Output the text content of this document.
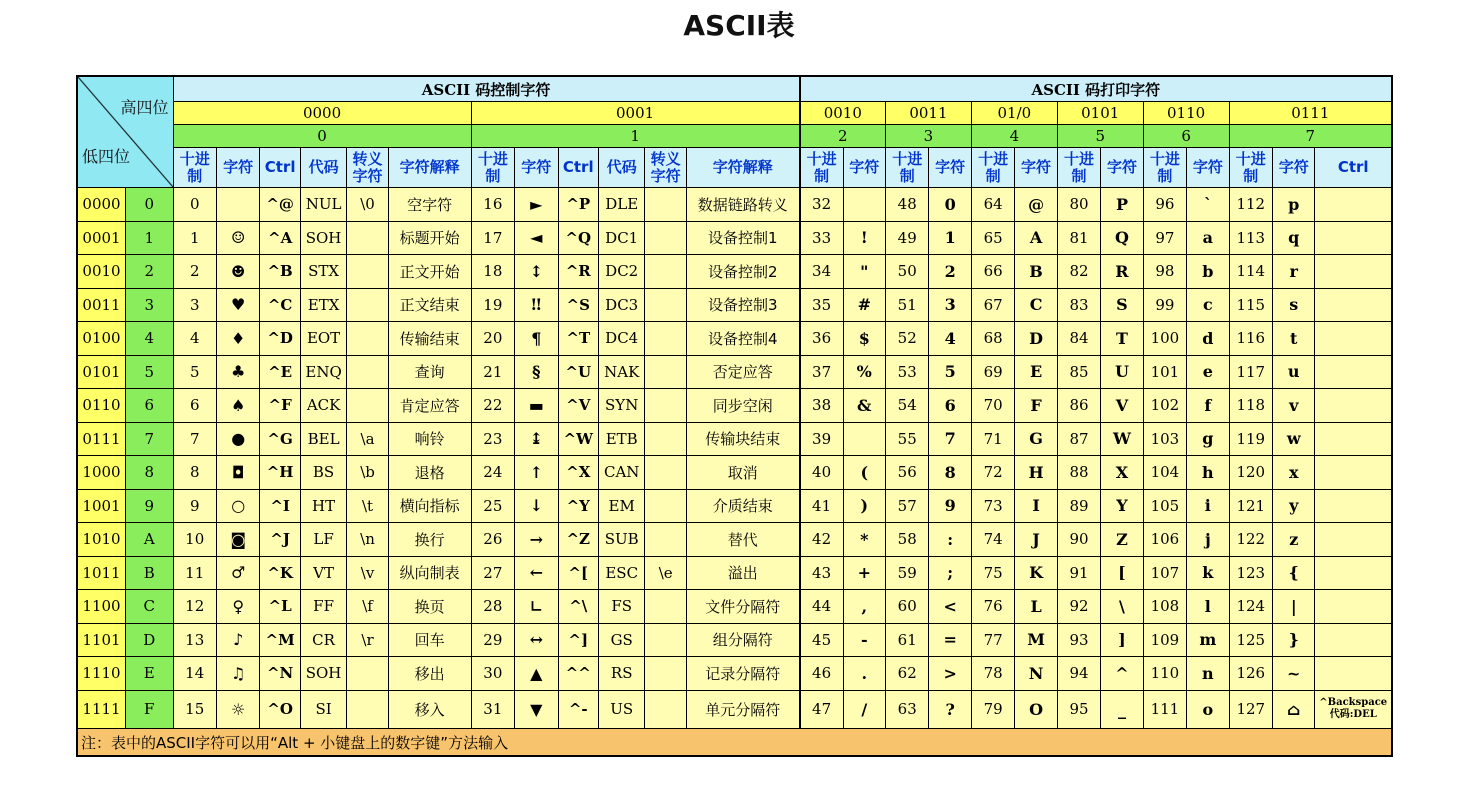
ASCII表
高四位
低四位		ASCII 码控制字符												ASCII 码打印字符												
		0000						0001						0010		0011		01/0		0101		0110		0111		
		0						1						2		3		4		5		6		7		
		十进制	字符	Ctrl	代码	转义字符	字符解释	十进制	字符	Ctrl	代码	转义字符	字符解释	十进制	字符	十进制	字符	十进制	字符	十进制	字符	十进制	字符	十进制	字符	Ctrl
0000	0	0		^@	NUL	\0	空字符	16	►	^P	DLE		数据链路转义	32		48	0	64	@	80	P	96	`	112	p	
0001	1	1	☺	^A	SOH		标题开始	17	◄	^Q	DC1		设备控制1	33	!	49	1	65	A	81	Q	97	a	113	q	
0010	2	2	☻	^B	STX		正文开始	18	↕	^R	DC2		设备控制2	34	"	50	2	66	B	82	R	98	b	114	r	
0011	3	3	♥	^C	ETX		正文结束	19	‼	^S	DC3		设备控制3	35	#	51	3	67	C	83	S	99	c	115	s	
0100	4	4	♦	^D	EOT		传输结束	20	¶	^T	DC4		设备控制4	36	$	52	4	68	D	84	T	100	d	116	t	
0101	5	5	♣	^E	ENQ		查询	21	§	^U	NAK		否定应答	37	%	53	5	69	E	85	U	101	e	117	u	
0110	6	6	♠	^F	ACK		肯定应答	22	▬	^V	SYN		同步空闲	38	&	54	6	70	F	86	V	102	f	118	v	
0111	7	7	●	^G	BEL	\a	响铃	23	↨	^W	ETB		传输块结束	39		55	7	71	G	87	W	103	g	119	w	
1000	8	8	◘	^H	BS	\b	退格	24	↑	^X	CAN		取消	40	(	56	8	72	H	88	X	104	h	120	x	
1001	9	9	○	^I	HT	\t	横向指标	25	↓	^Y	EM		介质结束	41	)	57	9	73	I	89	Y	105	i	121	y	
1010	A	10	◙	^J	LF	\n	换行	26	→	^Z	SUB		替代	42	*	58	:	74	J	90	Z	106	j	122	z	
1011	B	11	♂	^K	VT	\v	纵向制表	27	←	^[	ESC	\e	溢出	43	+	59	;	75	K	91	[	107	k	123	{	
1100	C	12	♀	^L	FF	\f	换页	28	∟	^\	FS		文件分隔符	44	,	60	<	76	L	92	\	108	l	124	|	
1101	D	13	♪	^M	CR	\r	回车	29	↔	^]	GS		组分隔符	45	-	61	=	77	M	93	]	109	m	125	}	
1110	E	14	♫	^N	SOH		移出	30	▲	^^	RS		记录分隔符	46	.	62	>	78	N	94	^	110	n	126	~	
1111	F	15	☼	^O	SI		移入	31	▼	^-	US		单元分隔符	47	/	63	?	79	O	95	_	111	o	127	⌂	^Backspace 代码:DEL
注：表中的ASCII字符可以用“Alt + 小键盘上的数字键”方法输入																										
